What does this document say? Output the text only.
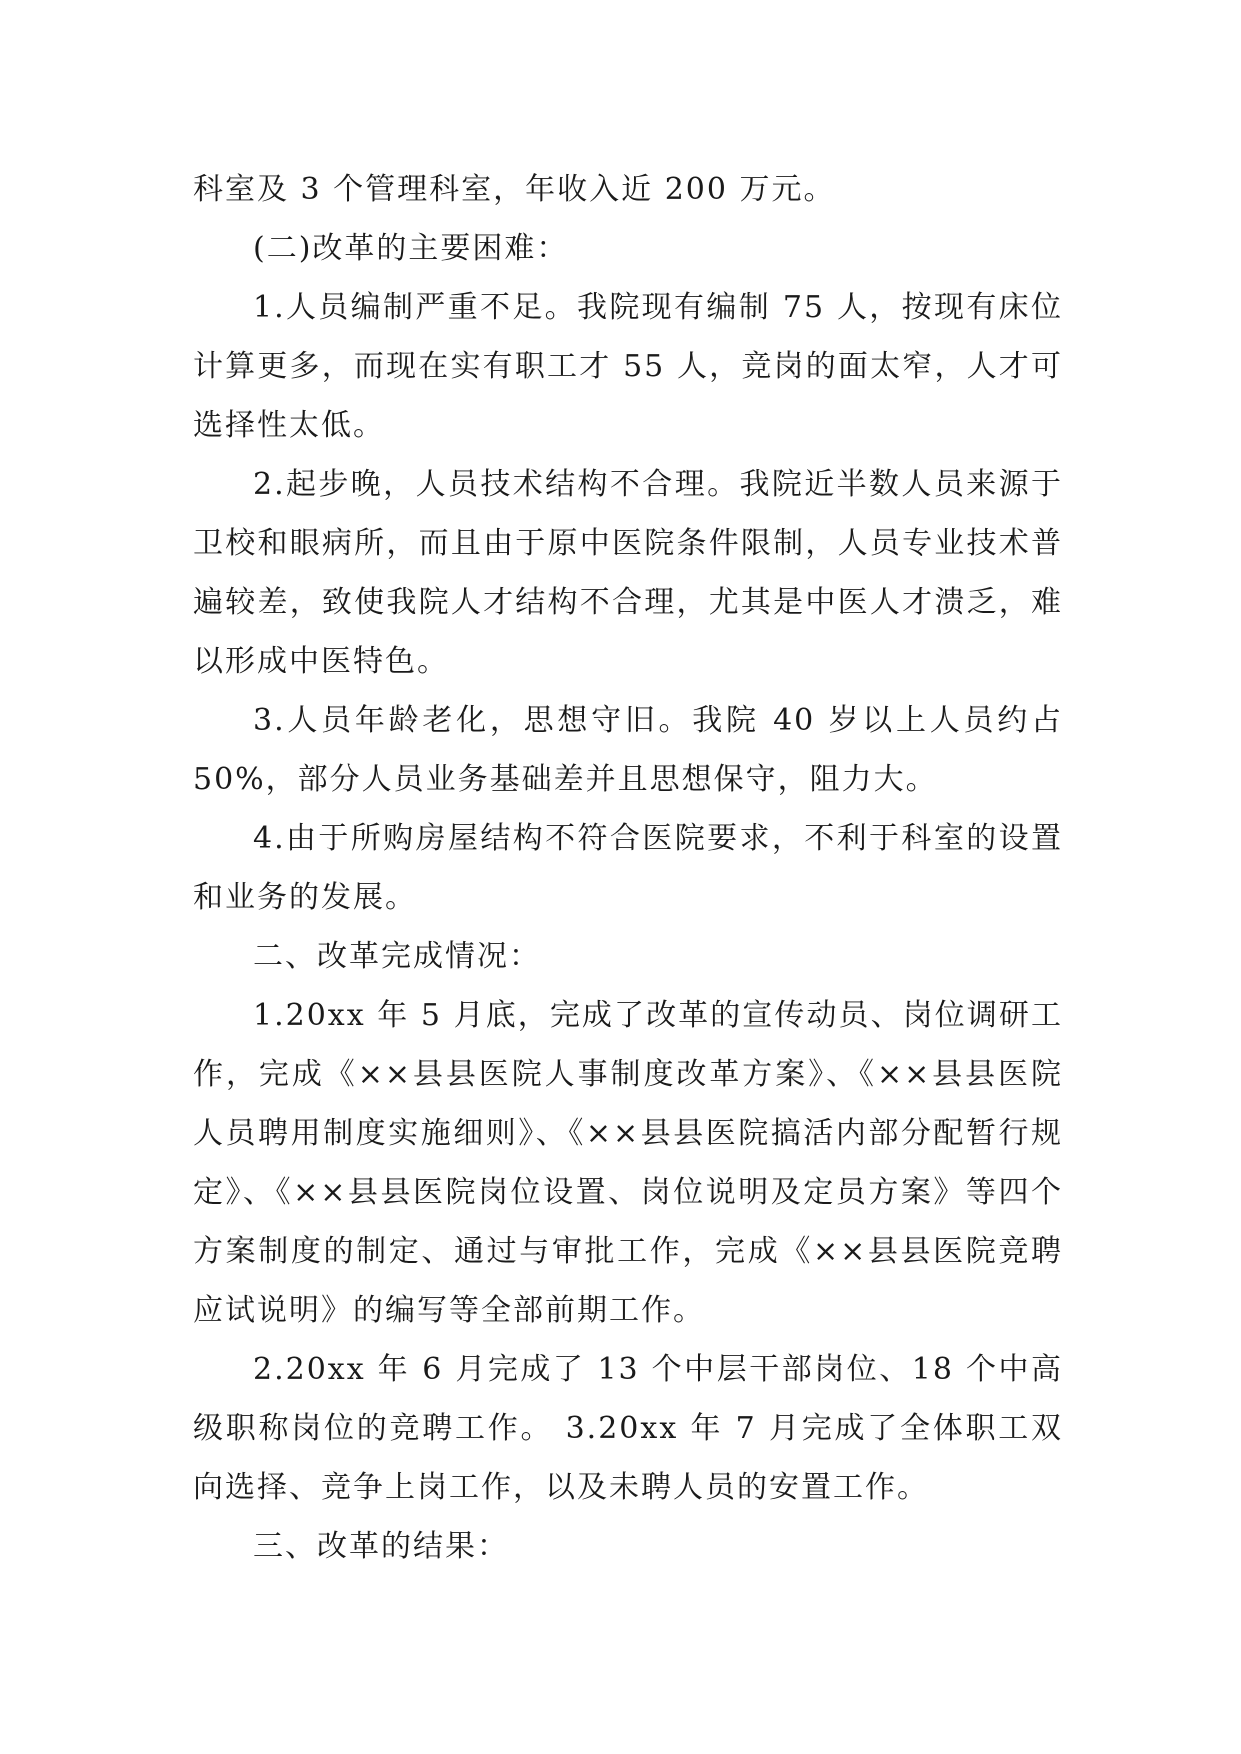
科室及 3 个管理科室，年收入近 200 万元。

(二)改革的主要困难：

1.人员编制严重不足。我院现有编制 75 人，按现有床位计算更多，而现在实有职工才 55 人，竞岗的面太窄，人才可选择性太低。

2.起步晚，人员技术结构不合理。我院近半数人员来源于卫校和眼病所，而且由于原中医院条件限制，人员专业技术普遍较差，致使我院人才结构不合理，尤其是中医人才溃乏，难以形成中医特色。

3.人员年龄老化，思想守旧。我院 40 岁以上人员约占 50%，部分人员业务基础差并且思想保守，阻力大。

4.由于所购房屋结构不符合医院要求，不利于科室的设置和业务的发展。

二、改革完成情况：

1.20xx 年 5 月底，完成了改革的宣传动员、岗位调研工作，完成《××县县医院人事制度改革方案》、《××县县医院人员聘用制度实施细则》、《××县县医院搞活内部分配暂行规定》、《××县县医院岗位设置、岗位说明及定员方案》等四个方案制度的制定、通过与审批工作，完成《××县县医院竞聘应试说明》的编写等全部前期工作。

2.20xx 年 6 月完成了 13 个中层干部岗位、18 个中高级职称岗位的竞聘工作。 3.20xx 年 7 月完成了全体职工双向选择、竞争上岗工作，以及未聘人员的安置工作。

三、改革的结果：
